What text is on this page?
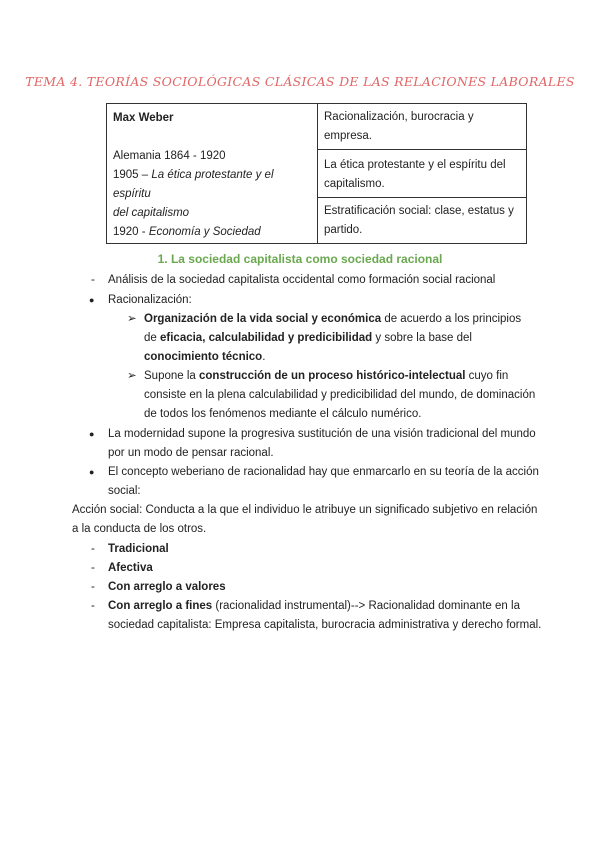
TEMA 4. TEORÍAS SOCIOLÓGICAS CLÁSICAS DE LAS RELACIONES LABORALES
Max Weber
Alemania 1864 - 1920
1905 – La ética protestante y el espíritu
del capitalismo
1920 - Economía y Sociedad

Racionalización, burocracia y empresa.

La ética protestante y el espíritu del
capitalismo.

Estratificación social: clase, estatus y
partido.
1. La sociedad capitalista como sociedad racional
- Análisis de la sociedad capitalista occidental como formación social racional
● Racionalización:
➢ Organización de la vida social y económica de acuerdo a los principios
de eficacia, calculabilidad y predicibilidad y sobre la base del
conocimiento técnico.
➢ Supone la construcción de un proceso histórico-intelectual cuyo fin
consiste en la plena calculabilidad y predicibilidad del mundo, de dominación
de todos los fenómenos mediante el cálculo numérico.
● La modernidad supone la progresiva sustitución de una visión tradicional del mundo
por un modo de pensar racional.
● El concepto weberiano de racionalidad hay que enmarcarlo en su teoría de la acción
social:
Acción social: Conducta a la que el individuo le atribuye un significado subjetivo en relación
a la conducta de los otros.
- Tradicional
- Afectiva
- Con arreglo a valores
- Con arreglo a fines (racionalidad instrumental)--> Racionalidad dominante en la
sociedad capitalista: Empresa capitalista, burocracia administrativa y derecho formal.
